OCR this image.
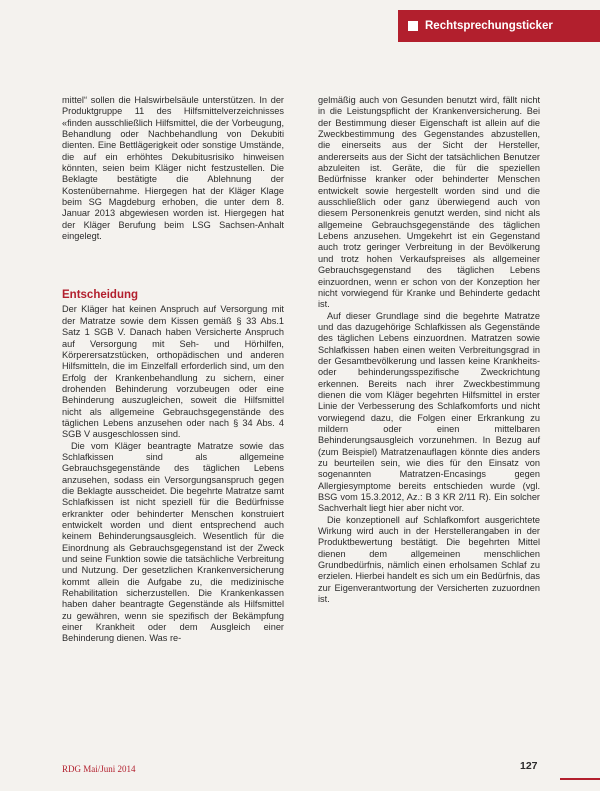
Rechtsprechungsticker

mittel“ sollen die Halswirbelsäule unterstützen. In der Produktgruppe 11 des Hilfsmittelverzeichnisses «finden ausschließlich Hilfsmittel, die der Vorbeugung, Behandlung oder Nachbehandlung von Dekubiti dienten. Eine Bettlägerigkeit oder sonstige Umstände, die auf ein erhöhtes Dekubitusrisiko hinweisen könnten, seien beim Kläger nicht festzustellen. Die Beklagte bestätigte die Ablehnung der Kostenübernahme. Hiergegen hat der Kläger Klage beim SG Magdeburg erhoben, die unter dem 8. Januar 2013 abgewiesen worden ist. Hiergegen hat der Kläger Berufung beim LSG Sachsen-Anhalt eingelegt.

Entscheidung

Der Kläger hat keinen Anspruch auf Versorgung mit der Matratze sowie dem Kissen gemäß § 33 Abs.1 Satz 1 SGB V. Danach haben Versicherte Anspruch auf Versorgung mit Seh- und Hörhilfen, Körperersatzstücken, orthopädischen und anderen Hilfsmitteln, die im Einzelfall erforderlich sind, um den Erfolg der Krankenbehandlung zu sichern, einer drohenden Behinderung vorzubeugen oder eine Behinderung auszugleichen, soweit die Hilfsmittel nicht als allgemeine Gebrauchsgegenstände des täglichen Lebens anzusehen oder nach § 34 Abs. 4 SGB V ausgeschlossen sind.

Die vom Kläger beantragte Matratze sowie das Schlafkissen sind als allgemeine Gebrauchsgegenstände des täglichen Lebens anzusehen, sodass ein Versorgungsanspruch gegen die Beklagte ausscheidet. Die begehrte Matratze samt Schlafkissen ist nicht speziell für die Bedürfnisse erkrankter oder behinderter Menschen konstruiert entwickelt worden und dient entsprechend auch keinem Behinderungsausgleich. Wesentlich für die Einordnung als Gebrauchsgegenstand ist der Zweck und seine Funktion sowie die tatsächliche Verbreitung und Nutzung. Der gesetzlichen Krankenversicherung kommt allein die Aufgabe zu, die medizinische Rehabilitation sicherzustellen. Die Krankenkassen haben daher beantragte Gegenstände als Hilfsmittel zu gewähren, wenn sie spezifisch der Bekämpfung einer Krankheit oder dem Ausgleich einer Behinderung dienen. Was re-

gelmäßig auch von Gesunden benutzt wird, fällt nicht in die Leistungspflicht der Krankenversicherung. Bei der Bestimmung dieser Eigenschaft ist allein auf die Zweckbestimmung des Gegenstandes abzustellen, die einerseits aus der Sicht der Hersteller, andererseits aus der Sicht der tatsächlichen Benutzer abzuleiten ist. Geräte, die für die speziellen Bedürfnisse kranker oder behinderter Menschen entwickelt sowie hergestellt worden sind und die ausschließlich oder ganz überwiegend auch von diesem Personenkreis genutzt werden, sind nicht als allgemeine Gebrauchsgegenstände des täglichen Lebens anzusehen. Umgekehrt ist ein Gegenstand auch trotz geringer Verbreitung in der Bevölkerung und trotz hohen Verkaufspreises als allgemeiner Gebrauchsgegenstand des täglichen Lebens einzuordnen, wenn er schon von der Konzeption her nicht vorwiegend für Kranke und Behinderte gedacht ist.

Auf dieser Grundlage sind die begehrte Matratze und das dazugehörige Schlafkissen als Gegenstände des täglichen Lebens einzuordnen. Matratzen sowie Schlafkissen haben einen weiten Verbreitungsgrad in der Gesamtbevölkerung und lassen keine Krankheits- oder behinderungsspezifische Zweckrichtung erkennen. Bereits nach ihrer Zweckbestimmung dienen die vom Kläger begehrten Hilfsmittel in erster Linie der Verbesserung des Schlafkomforts und nicht vorwiegend dazu, die Folgen einer Erkrankung zu mildern oder einen mittelbaren Behinderungsausgleich vorzunehmen. In Bezug auf (zum Beispiel) Matratzenauflagen könnte dies anders zu beurteilen sein, wie dies für den Einsatz von sogenannten Matratzen-Encasings gegen Allergiesymptome bereits entschieden wurde (vgl. BSG vom 15.3.2012, Az.: B 3 KR 2/11 R). Ein solcher Sachverhalt liegt hier aber nicht vor.

Die konzeptionell auf Schlafkomfort ausgerichtete Wirkung wird auch in der Herstellerangaben in der Produktbewertung bestätigt. Die begehrten Mittel dienen dem allgemeinen menschlichen Grundbedürfnis, nämlich einen erholsamen Schlaf zu erzielen. Hierbei handelt es sich um ein Bedürfnis, das zur Eigenverantwortung der Versicherten zuzuordnen ist.

RDG Mai/Juni 2014	127
